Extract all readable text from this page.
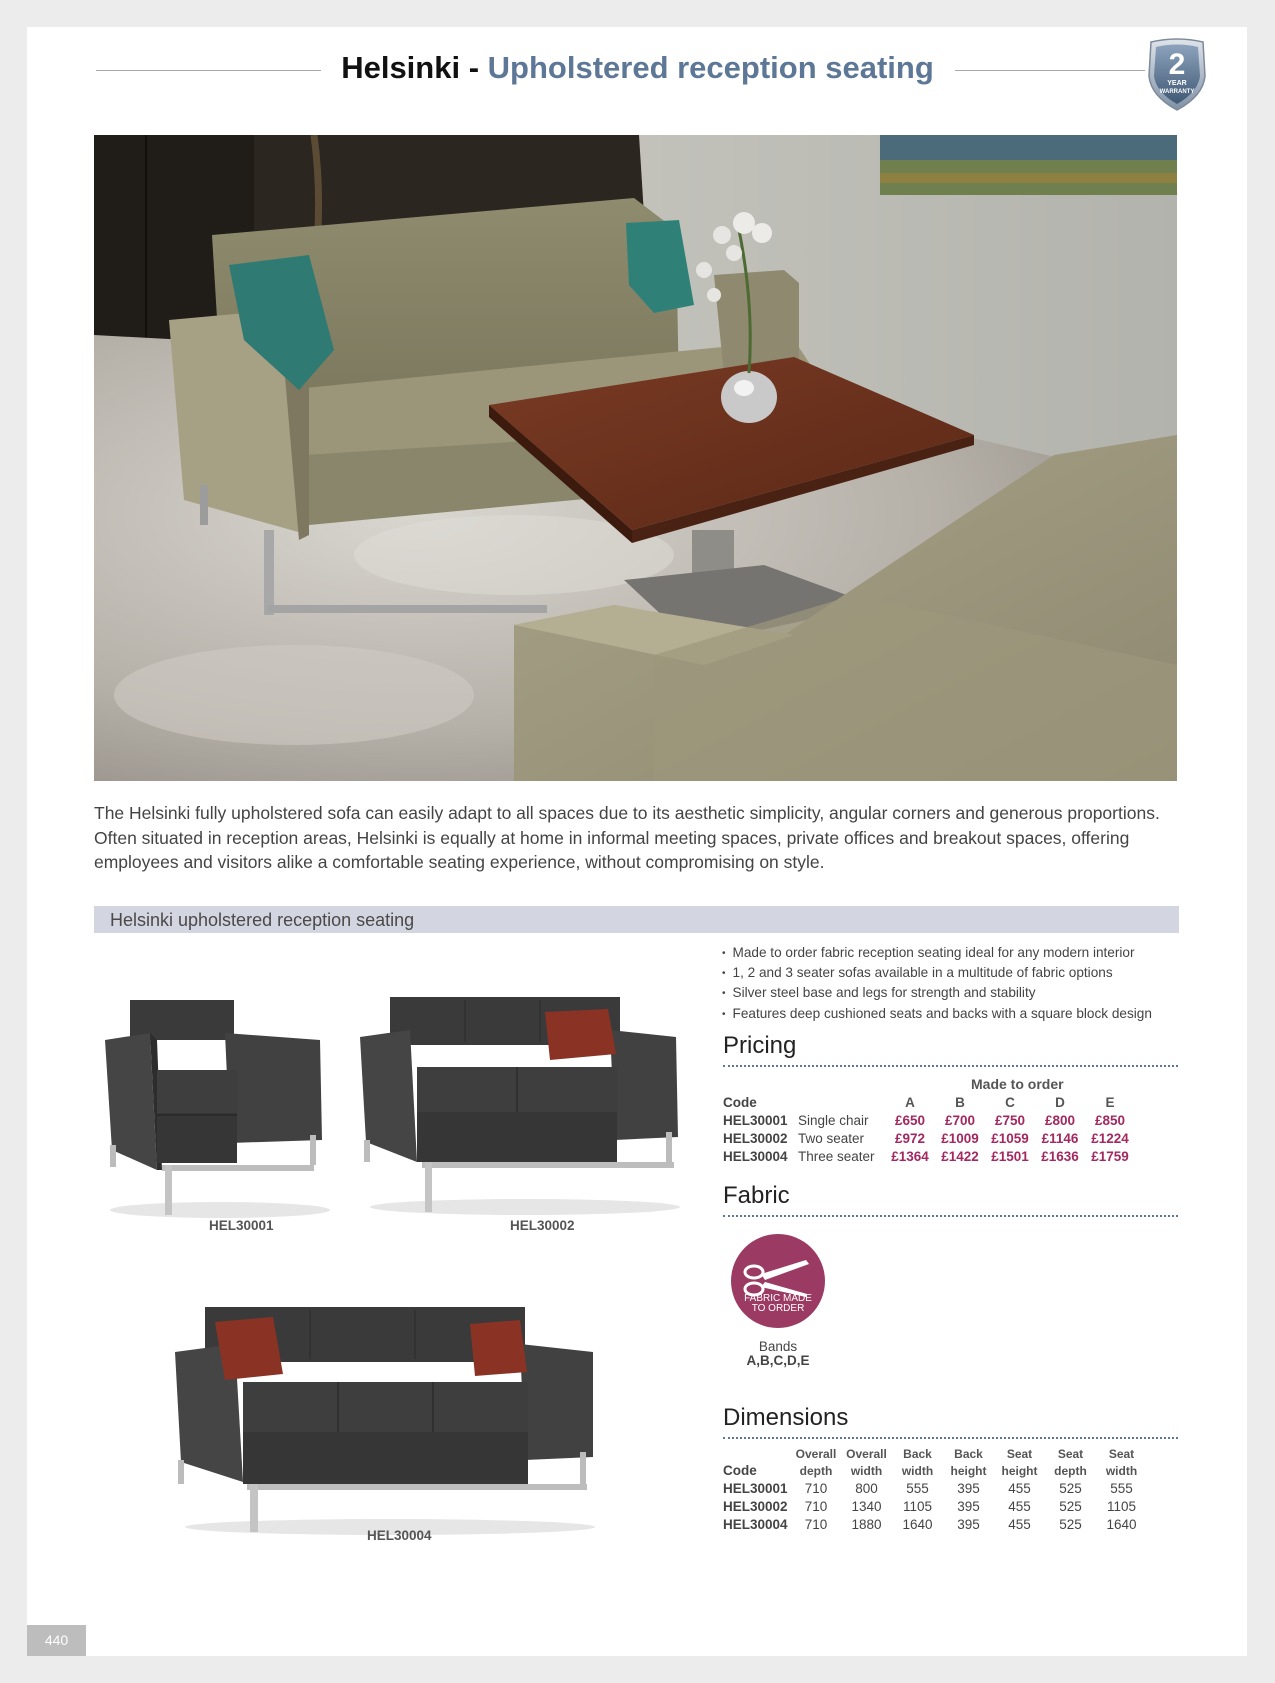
Helsinki - Upholstered reception seating	2
YEAR
WARRANTY

The Helsinki fully upholstered sofa can easily adapt to all spaces due to its aesthetic simplicity, angular corners and generous proportions. Often situated in reception areas, Helsinki is equally at home in informal meeting spaces, private offices and breakout spaces, offering employees and visitors alike a comfortable seating experience, without compromising on style.

Helsinki upholstered reception seating
HEL30001	HEL30002
HEL30004
• Made to order fabric reception seating ideal for any modern interior
• 1, 2 and 3 seater sofas available in a multitude of fabric options
• Silver steel base and legs for strength and stability
• Features deep cushioned seats and backs with a square block design
Pricing
Made to order
Code		A	B	C	D	E
HEL30001	Single chair	£650	£700	£750	£800	£850
HEL30002	Two seater	£972	£1009	£1059	£1146	£1224
HEL30004	Three seater	£1364	£1422	£1501	£1636	£1759
Fabric
FABRIC MADE
TO ORDER
Bands
A,B,C,D,E
Dimensions
	Overall	Overall	Back	Back	Seat	Seat	Seat
Code	depth	width	width	height	height	depth	width
HEL30001	710	800	555	395	455	525	555
HEL30002	710	1340	1105	395	455	525	1105
HEL30004	710	1880	1640	395	455	525	1640
440
